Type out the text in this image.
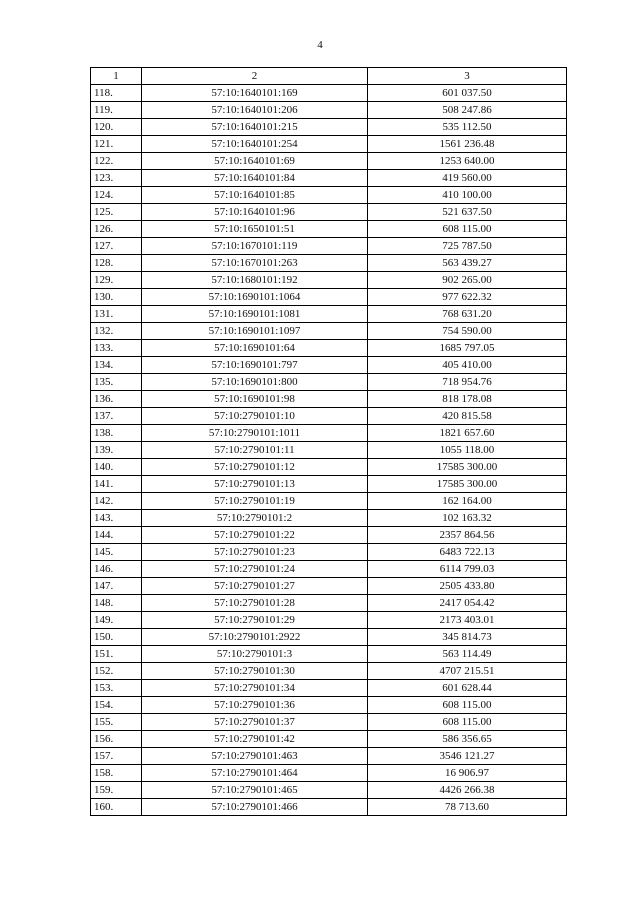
4
1	2	3
118.	57:10:1640101:169	601 037.50
119.	57:10:1640101:206	508 247.86
120.	57:10:1640101:215	535 112.50
121.	57:10:1640101:254	1561 236.48
122.	57:10:1640101:69	1253 640.00
123.	57:10:1640101:84	419 560.00
124.	57:10:1640101:85	410 100.00
125.	57:10:1640101:96	521 637.50
126.	57:10:1650101:51	608 115.00
127.	57:10:1670101:119	725 787.50
128.	57:10:1670101:263	563 439.27
129.	57:10:1680101:192	902 265.00
130.	57:10:1690101:1064	977 622.32
131.	57:10:1690101:1081	768 631.20
132.	57:10:1690101:1097	754 590.00
133.	57:10:1690101:64	1685 797.05
134.	57:10:1690101:797	405 410.00
135.	57:10:1690101:800	718 954.76
136.	57:10:1690101:98	818 178.08
137.	57:10:2790101:10	420 815.58
138.	57:10:2790101:1011	1821 657.60
139.	57:10:2790101:11	1055 118.00
140.	57:10:2790101:12	17585 300.00
141.	57:10:2790101:13	17585 300.00
142.	57:10:2790101:19	162 164.00
143.	57:10:2790101:2	102 163.32
144.	57:10:2790101:22	2357 864.56
145.	57:10:2790101:23	6483 722.13
146.	57:10:2790101:24	6114 799.03
147.	57:10:2790101:27	2505 433.80
148.	57:10:2790101:28	2417 054.42
149.	57:10:2790101:29	2173 403.01
150.	57:10:2790101:2922	345 814.73
151.	57:10:2790101:3	563 114.49
152.	57:10:2790101:30	4707 215.51
153.	57:10:2790101:34	601 628.44
154.	57:10:2790101:36	608 115.00
155.	57:10:2790101:37	608 115.00
156.	57:10:2790101:42	586 356.65
157.	57:10:2790101:463	3546 121.27
158.	57:10:2790101:464	16 906.97
159.	57:10:2790101:465	4426 266.38
160.	57:10:2790101:466	78 713.60
